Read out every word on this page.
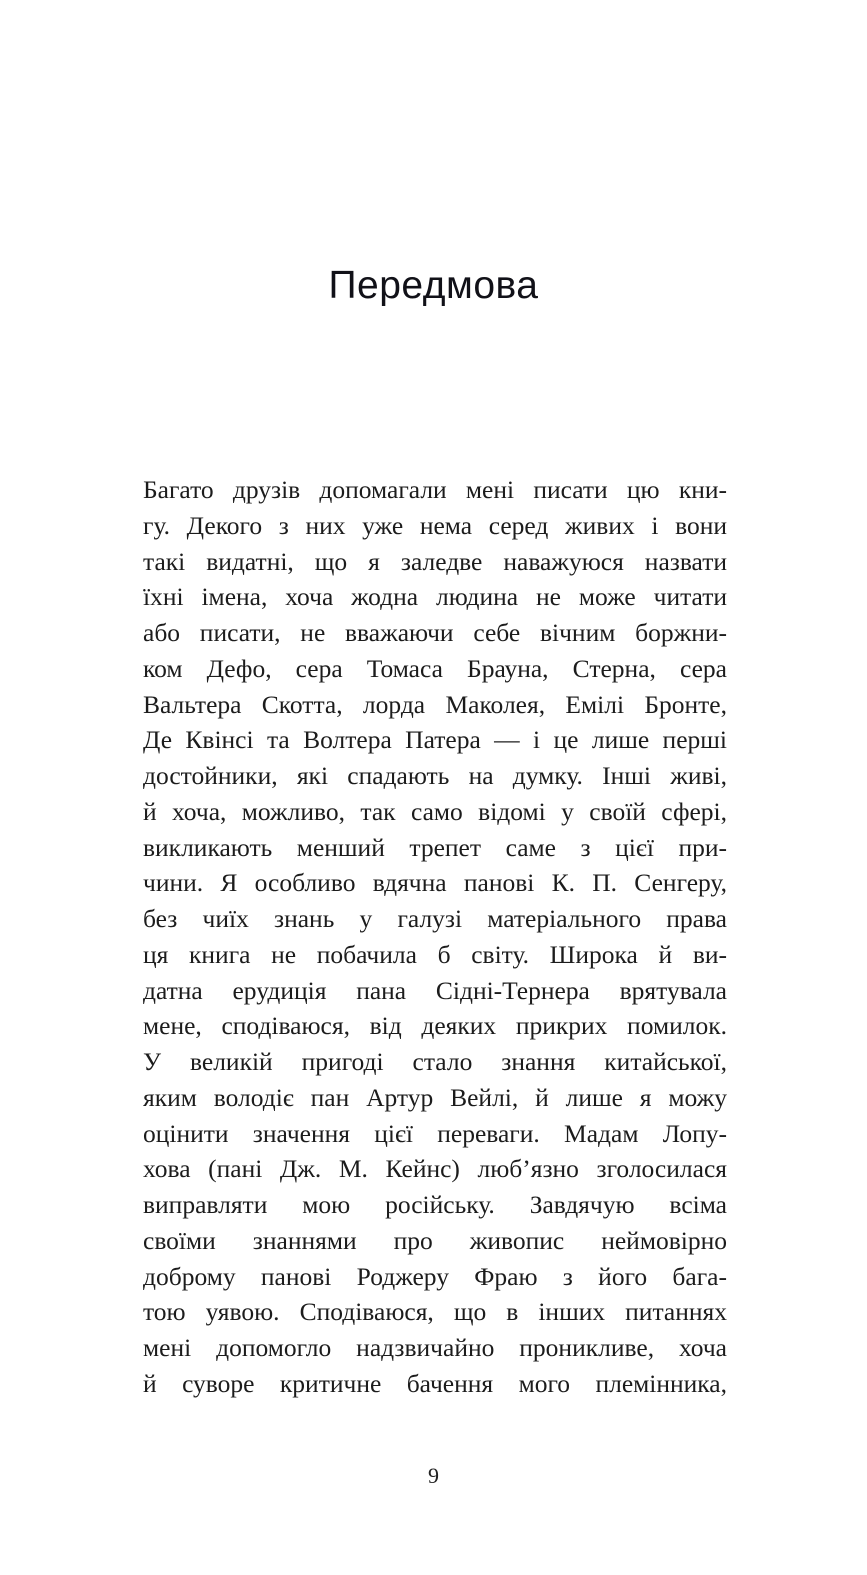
Передмова
Багато друзів допомагали мені писати цю кни-
гу. Декого з них уже нема серед живих і вони
такі видатні, що я заледве наважуюся назвати
їхні імена, хоча жодна людина не може читати
або писати, не вважаючи себе вічним боржни-
ком Дефо, сера Томаса Брауна, Стерна, сера
Вальтера Скотта, лорда Маколея, Емілі Бронте,
Де Квінсі та Волтера Патера — і це лише перші
достойники, які спадають на думку. Інші живі,
й хоча, можливо, так само відомі у своїй сфері,
викликають менший трепет саме з цієї при-
чини. Я особливо вдячна панові К. П. Сенгеру,
без чиїх знань у галузі матеріального права
ця книга не побачила б світу. Широка й ви-
датна ерудиція пана Сідні-Тернера врятувала
мене, сподіваюся, від деяких прикрих помилок.
У великій пригоді стало знання китайської,
яким володіє пан Артур Вейлі, й лише я можу
оцінити значення цієї переваги. Мадам Лопу-
хова (пані Дж. М. Кейнс) люб’язно зголосилася
виправляти мою російську. Завдячую всіма
своїми знаннями про живопис неймовірно
доброму панові Роджеру Фраю з його бага-
тою уявою. Сподіваюся, що в інших питаннях
мені допомогло надзвичайно проникливе, хоча
й суворе критичне бачення мого племінника,
9
